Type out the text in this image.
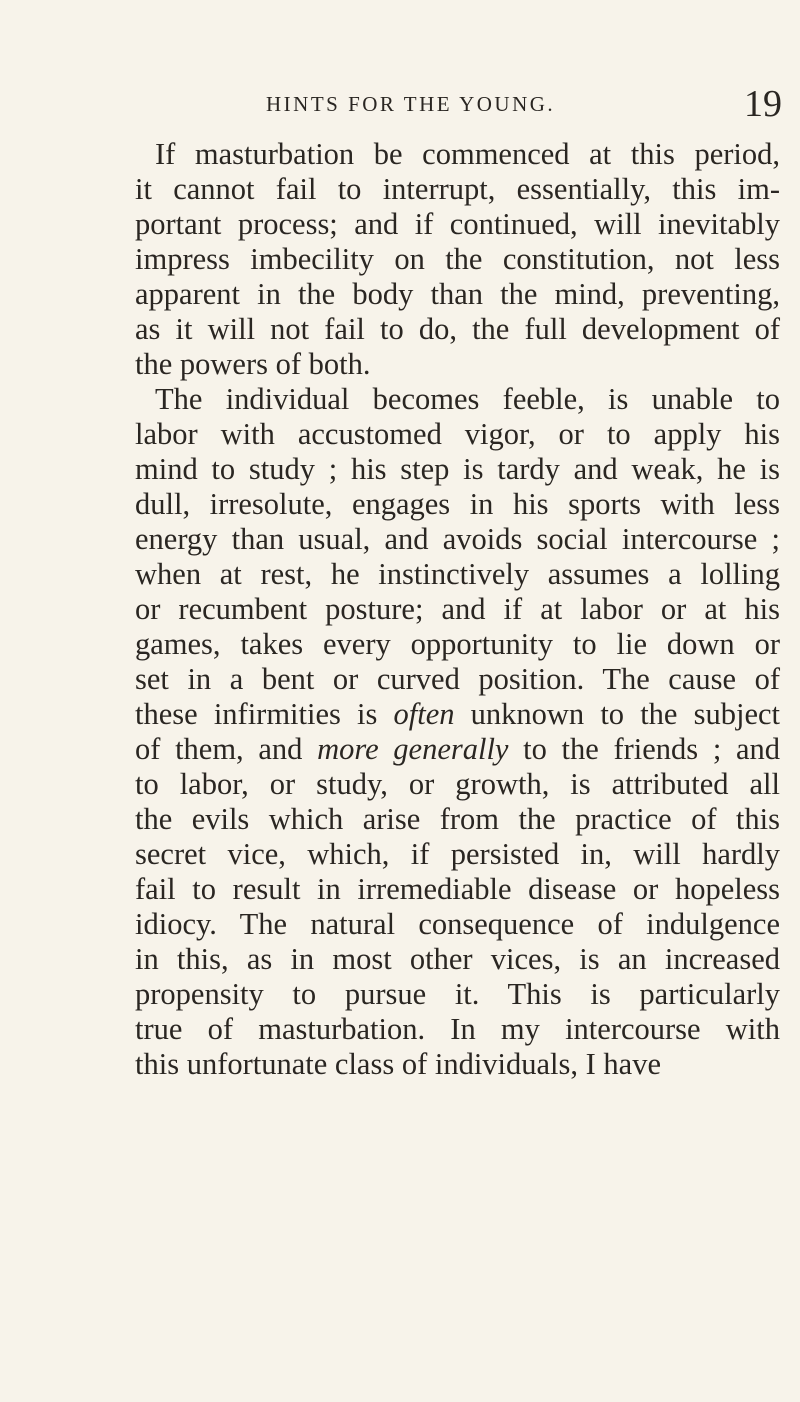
HINTS FOR THE YOUNG.	19
If masturbation be commenced at this period,
it cannot fail to interrupt, essentially, this im-
portant process; and if continued, will inevitably
impress imbecility on the constitution, not less
apparent in the body than the mind, preventing,
as it will not fail to do, the full development of
the powers of both.
The individual becomes feeble, is unable to
labor with accustomed vigor, or to apply his
mind to study ; his step is tardy and weak, he is
dull, irresolute, engages in his sports with less
energy than usual, and avoids social intercourse ;
when at rest, he instinctively assumes a lolling
or recumbent posture; and if at labor or at his
games, takes every opportunity to lie down or
set in a bent or curved position. The cause of
these infirmities is often unknown to the subject
of them, and more generally to the friends ; and
to labor, or study, or growth, is attributed all
the evils which arise from the practice of this
secret vice, which, if persisted in, will hardly
fail to result in irremediable disease or hopeless
idiocy. The natural consequence of indulgence
in this, as in most other vices, is an increased
propensity to pursue it. This is particularly
true of masturbation. In my intercourse with
this unfortunate class of individuals, I have
